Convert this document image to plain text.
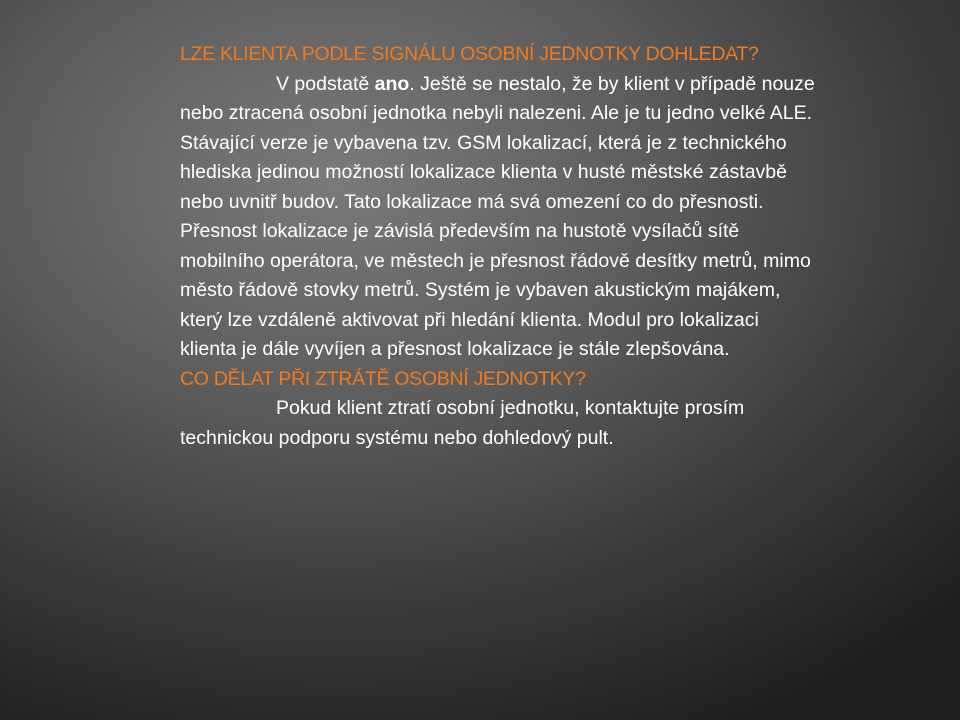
LZE KLIENTA PODLE SIGNÁLU OSOBNÍ JEDNOTKY DOHLEDAT?

V podstatě ano. Ještě se nestalo, že by klient v případě nouze nebo ztracená osobní jednotka nebyli nalezeni. Ale je tu jedno velké ALE. Stávající verze je vybavena tzv. GSM lokalizací, která je z technického hlediska jedinou možností lokalizace klienta v husté městské zástavbě nebo uvnitř budov. Tato lokalizace má svá omezení co do přesnosti. Přesnost lokalizace je závislá především na hustotě vysílačů sítě mobilního operátora, ve městech je přesnost řádově desítky metrů, mimo město řádově stovky metrů. Systém je vybaven akustickým majákem, který lze vzdáleně aktivovat při hledání klienta. Modul pro lokalizaci klienta je dále vyvíjen a přesnost lokalizace je stále zlepšována.

CO DĚLAT PŘI ZTRÁTĚ OSOBNÍ JEDNOTKY?

Pokud klient ztratí osobní jednotku, kontaktujte prosím technickou podporu systému nebo dohledový pult.
